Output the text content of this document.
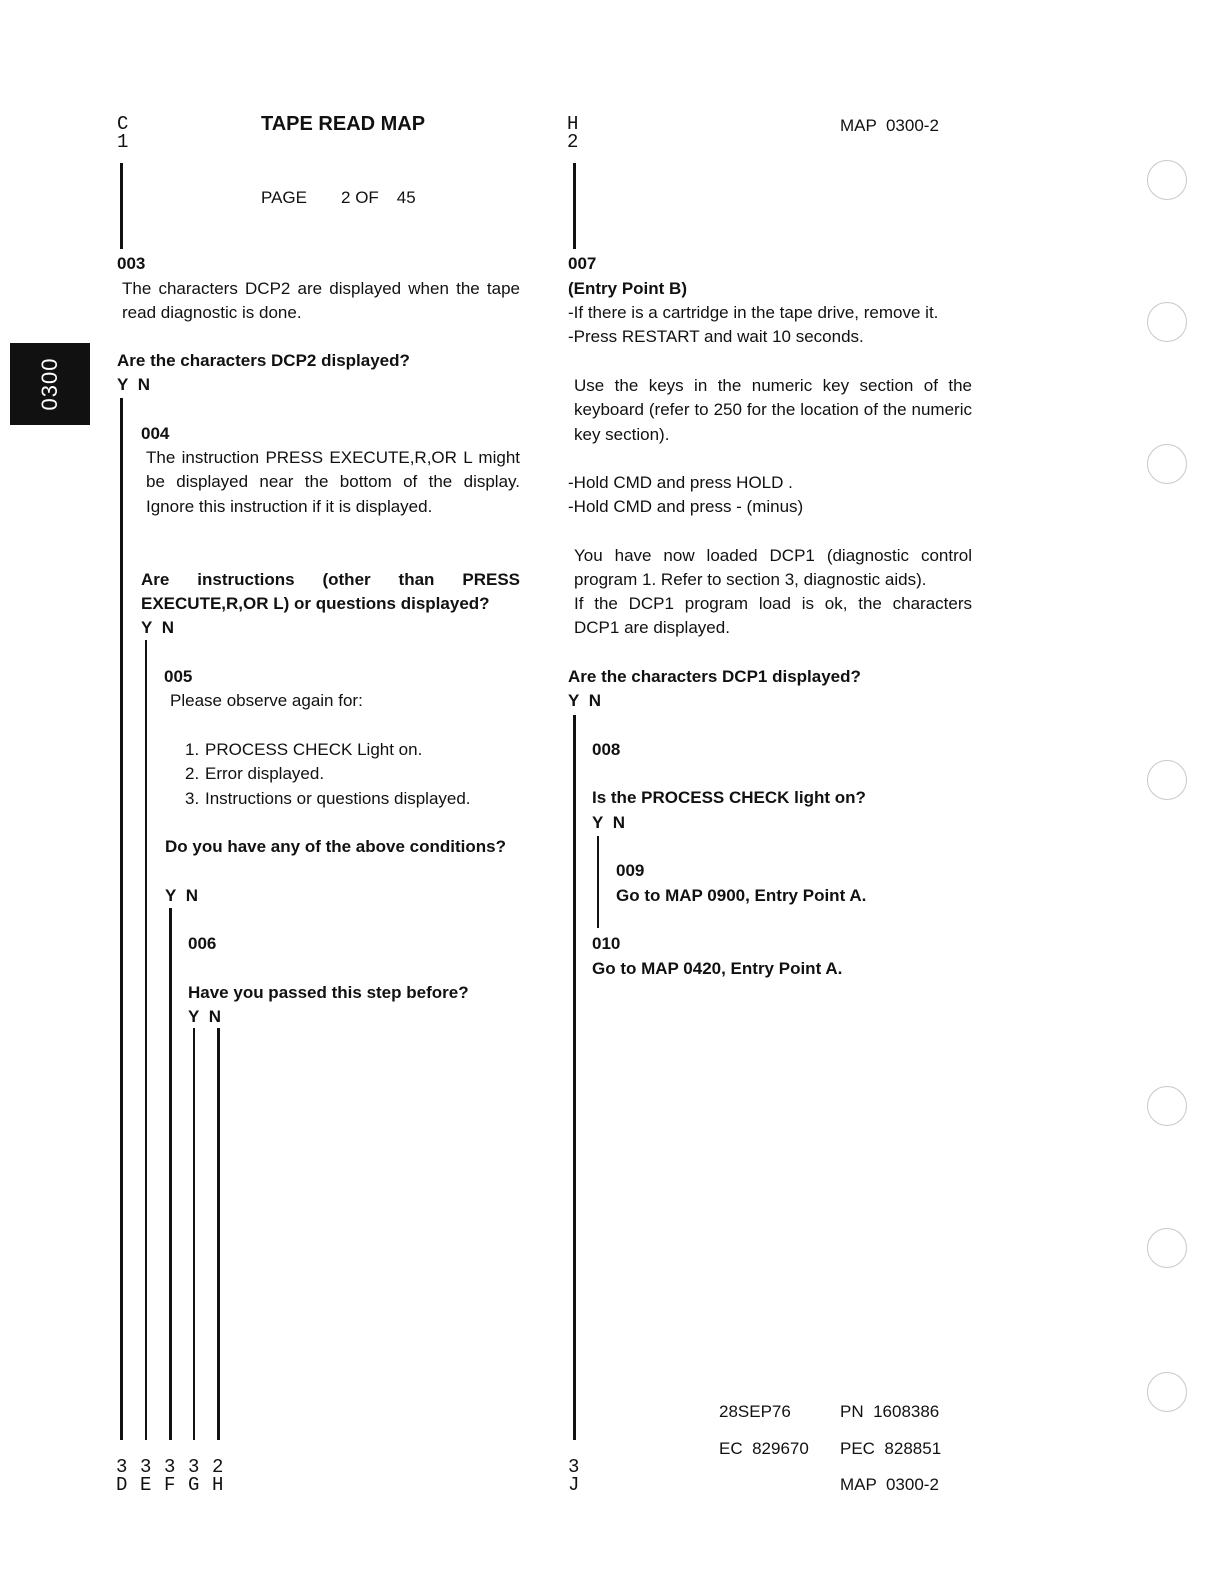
0300
C
1
TAPE READ MAP
PAGE 2 OF 45
H
2
MAP  0300-2
003
The characters DCP2 are displayed when the tape read diagnostic is done.
Are the characters DCP2 displayed?
Y N
004
The instruction PRESS EXECUTE,R,OR L might be displayed near the bottom of the display. Ignore this instruction if it is displayed.
Are instructions (other than PRESS EXECUTE,R,OR L) or questions displayed?
Y N
005
Please observe again for:
1. PROCESS CHECK Light on.
2. Error displayed.
3. Instructions or questions displayed.
Do you have any of the above conditions?
Y N
006
Have you passed this step before?
Y N
3
D
3
E
3
F
3
G
2
H
007
(Entry Point B)
-If there is a cartridge in the tape drive, remove it.
-Press RESTART and wait 10 seconds.
Use the keys in the numeric key section of the keyboard (refer to 250 for the location of the numeric key section).
-Hold CMD and press HOLD .
-Hold CMD and press - (minus)
You have now loaded DCP1 (diagnostic control program 1. Refer to section 3, diagnostic aids).
If the DCP1 program load is ok, the characters DCP1 are displayed.
Are the characters DCP1 displayed?
Y N
008
Is the PROCESS CHECK light on?
Y N
009
Go to MAP 0900, Entry Point A.
010
Go to MAP 0420, Entry Point A.
3
J
28SEP76	PN 1608386
EC 829670 PEC 828851
MAP  0300-2
